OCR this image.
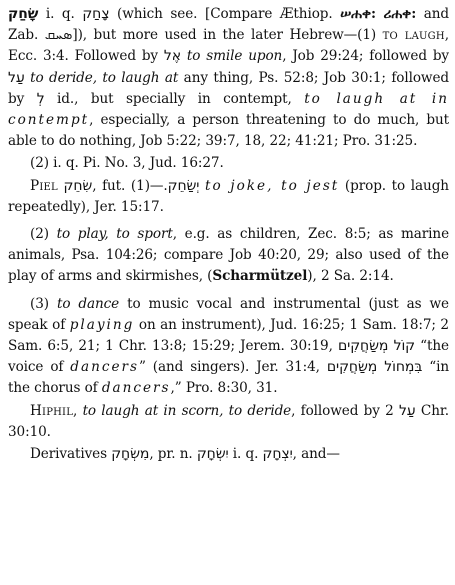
שָׂחַק i. q. צָחַק (which see. [Compare Æthiop. ሠሐቀ: ሪሐቀ: and Zab. ܣܚܩ]), but more used in the later Hebrew—(1) to laugh, Ecc. 3:4. Followed by אֶל to smile upon, Job 29:24; followed by עַל to deride, to laugh at any thing, Ps. 52:8; Job 30:1; followed by לְ id., but specially in contempt, to laugh at in contempt, especially, a person threatening to do much, but able to do nothing, Job 5:22; 39:7, 18, 22; 41:21; Pro. 31:25.

(2) i. q. Pi. No. 3, Jud. 16:27.

Piel שִׂחֵק, fut.	יְשַׂחֵק.—(1) to joke, to jest (prop. to laugh repeatedly), Jer. 15:17.

(2) to play, to sport, e.g. as children, Zec. 8:5; as marine animals, Psa. 104:26; compare Job 40:20, 29; also used of the play of arms and skirmishes, (Scharmützel), 2 Sa. 2:14.

(3) to dance to music vocal and instrumental (just as we speak of playing on an instrument), Jud. 16:25; 1 Sam. 18:7; 2 Sam. 6:5, 21; 1 Chr. 13:8; 15:29; Jerem. 30:19, קוֹל מְשַׂחֲקִים “the voice of dancers” (and singers). Jer. 31:4, בִּמְחוֹל מְשַׂחֲקִים “in the chorus of dancers,” Pro. 8:30, 31.

Hiphil, to laugh at in scorn, to deride, followed by עַל 2 Chr. 30:10.

Derivatives מִשְׂחָק, pr. n. יִשְׂחָק i. q. יִצְחָק, and—
